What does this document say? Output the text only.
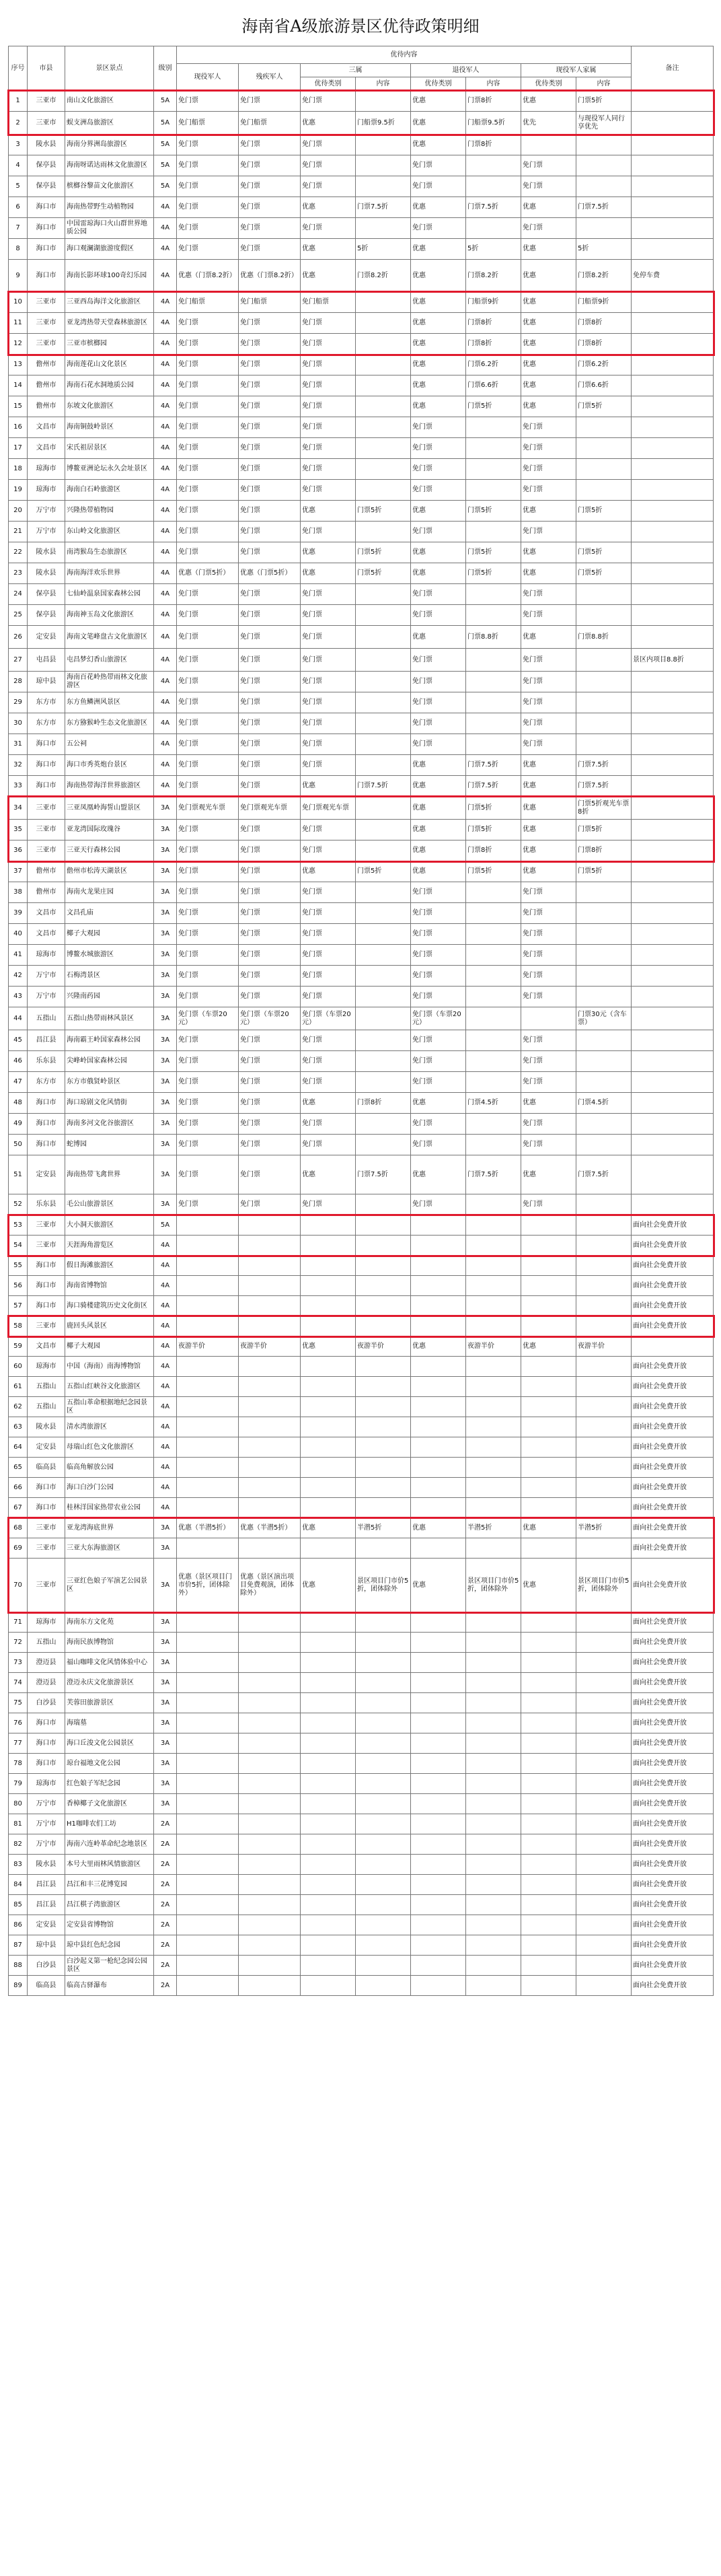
海南省A级旅游景区优待政策明细
序号	市县	景区景点	级别	优待内容								备注
				现役军人	残疾军人	三属		退役军人		现役军人家属		
						优待类别	内容	优待类别	内容	优待类别	内容	
1	三亚市	南山文化旅游区	5A	免门票	免门票	免门票		优惠	门票8折	优惠	门票5折	
2	三亚市	蜈支洲岛旅游区	5A	免门船票	免门船票	优惠	门船票9.5折	优惠	门船票9.5折	优先	与现役军人同行享优先	
3	陵水县	海南分界洲岛旅游区	5A	免门票	免门票	免门票		优惠	门票8折			
4	保亭县	海南呀诺达雨林文化旅游区	5A	免门票	免门票	免门票		免门票		免门票		
5	保亭县	槟榔谷黎苗文化旅游区	5A	免门票	免门票	免门票		免门票		免门票		
6	海口市	海南热带野生动植物园	4A	免门票	免门票	优惠	门票7.5折	优惠	门票7.5折	优惠	门票7.5折	
7	海口市	中国雷琼海口火山群世界地质公园	4A	免门票	免门票	免门票		免门票		免门票		
8	海口市	海口观澜湖旅游度假区	4A	免门票	免门票	优惠	5折	优惠	5折	优惠	5折	
9	海口市	海南长影环球100奇幻乐园	4A	优惠（门票8.2折）	优惠（门票8.2折）	优惠	门票8.2折	优惠	门票8.2折	优惠	门票8.2折	免停车费
10	三亚市	三亚西岛海洋文化旅游区	4A	免门船票	免门船票	免门船票		优惠	门船票9折	优惠	门船票9折	
11	三亚市	亚龙湾热带天堂森林旅游区	4A	免门票	免门票	免门票		优惠	门票8折	优惠	门票8折	
12	三亚市	三亚市槟榔园	4A	免门票	免门票	免门票		优惠	门票8折	优惠	门票8折	
13	儋州市	海南莲花山文化景区	4A	免门票	免门票	免门票		优惠	门票6.2折	优惠	门票6.2折	
14	儋州市	海南石花水洞地质公园	4A	免门票	免门票	免门票		优惠	门票6.6折	优惠	门票6.6折	
15	儋州市	东坡文化旅游区	4A	免门票	免门票	免门票		优惠	门票5折	优惠	门票5折	
16	文昌市	海南铜鼓岭景区	4A	免门票	免门票	免门票		免门票		免门票		
17	文昌市	宋氏祖居景区	4A	免门票	免门票	免门票		免门票		免门票		
18	琼海市	博鳌亚洲论坛永久会址景区	4A	免门票	免门票	免门票		免门票		免门票		
19	琼海市	海南白石岭旅游区	4A	免门票	免门票	免门票		免门票		免门票		
20	万宁市	兴隆热带植物园	4A	免门票	免门票	优惠	门票5折	优惠	门票5折	优惠	门票5折	
21	万宁市	东山岭文化旅游区	4A	免门票	免门票	免门票		免门票		免门票		
22	陵水县	南湾猴岛生态旅游区	4A	免门票	免门票	优惠	门票5折	优惠	门票5折	优惠	门票5折	
23	陵水县	海南海洋欢乐世界	4A	优惠（门票5折）	优惠（门票5折）	优惠	门票5折	优惠	门票5折	优惠	门票5折	
24	保亭县	七仙岭温泉国家森林公园	4A	免门票	免门票	免门票		免门票		免门票		
25	保亭县	海南神玉岛文化旅游区	4A	免门票	免门票	免门票		免门票		免门票		
26	定安县	海南文笔峰盘古文化旅游区	4A	免门票	免门票	免门票		优惠	门票8.8折	优惠	门票8.8折	
27	屯昌县	屯昌梦幻香山旅游区	4A	免门票	免门票	免门票		免门票		免门票		景区内项目8.8折
28	琼中县	海南百花岭热带雨林文化旅游区	4A	免门票	免门票	免门票		免门票		免门票		
29	东方市	东方鱼鳞洲风景区	4A	免门票	免门票	免门票		免门票		免门票		
30	东方市	东方猕猴岭生态文化旅游区	4A	免门票	免门票	免门票		免门票		免门票		
31	海口市	五公祠	4A	免门票	免门票	免门票		免门票		免门票		
32	海口市	海口市秀英炮台景区	4A	免门票	免门票	免门票		优惠	门票7.5折	优惠	门票7.5折	
33	海口市	海南热带海洋世界旅游区	4A	免门票	免门票	优惠	门票7.5折	优惠	门票7.5折	优惠	门票7.5折	
34	三亚市	三亚凤凰岭海誓山盟景区	3A	免门票观光车票	免门票观光车票	免门票观光车票		优惠	门票5折	优惠	门票5折观光车票8折	
35	三亚市	亚龙湾国际玫瑰谷	3A	免门票	免门票	免门票		优惠	门票5折	优惠	门票5折	
36	三亚市	三亚天行森林公园	3A	免门票	免门票	免门票		优惠	门票8折	优惠	门票8折	
37	儋州市	儋州市松涛天湖景区	3A	免门票	免门票	优惠	门票5折	优惠	门票5折	优惠	门票5折	
38	儋州市	海南火龙果庄园	3A	免门票	免门票	免门票		免门票		免门票		
39	文昌市	文昌孔庙	3A	免门票	免门票	免门票		免门票		免门票		
40	文昌市	椰子大观园	3A	免门票	免门票	免门票		免门票		免门票		
41	琼海市	博鳌水城旅游区	3A	免门票	免门票	免门票		免门票		免门票		
42	万宁市	石梅湾景区	3A	免门票	免门票	免门票		免门票		免门票		
43	万宁市	兴隆南药园	3A	免门票	免门票	免门票		免门票		免门票		
44	五指山	五指山热带雨林风景区	3A	免门票（车票20元）	免门票（车票20元）	免门票（车票20元）		免门票（车票20元）			门票30元（含车票）	
45	昌江县	海南霸王岭国家森林公园	3A	免门票	免门票	免门票		免门票		免门票		
46	乐东县	尖峰岭国家森林公园	3A	免门票	免门票	免门票		免门票		免门票		
47	东方市	东方市俄贤岭景区	3A	免门票	免门票	免门票		免门票		免门票		
48	海口市	海口琼剧文化风情街	3A	免门票	免门票	优惠	门票8折	优惠	门票4.5折	优惠	门票4.5折	
49	海口市	海南多河文化谷旅游区	3A	免门票	免门票	免门票		免门票		免门票		
50	海口市	蛇博园	3A	免门票	免门票	免门票		免门票		免门票		
51	定安县	海南热带飞禽世界	3A	免门票	免门票	优惠	门票7.5折	优惠	门票7.5折	优惠	门票7.5折	
52	乐东县	毛公山旅游景区	3A	免门票	免门票	免门票		免门票		免门票		
53	三亚市	大小洞天旅游区	5A									面向社会免费开放
54	三亚市	天涯海角游览区	4A									面向社会免费开放
55	海口市	假日海滩旅游区	4A									面向社会免费开放
56	海口市	海南省博物馆	4A									面向社会免费开放
57	海口市	海口骑楼建筑历史文化街区	4A									面向社会免费开放
58	三亚市	鹿回头风景区	4A									面向社会免费开放
59	文昌市	椰子大观园	4A	夜游半价	夜游半价	优惠	夜游半价	优惠	夜游半价	优惠	夜游半价	
60	琼海市	中国（海南）南海博物馆	4A									面向社会免费开放
61	五指山	五指山红峡谷文化旅游区	4A									面向社会免费开放
62	五指山	五指山革命根据地纪念园景区	4A									面向社会免费开放
63	陵水县	清水湾旅游区	4A									面向社会免费开放
64	定安县	母瑞山红色文化旅游区	4A									面向社会免费开放
65	临高县	临高角解放公园	4A									面向社会免费开放
66	海口市	海口白沙门公园	4A									面向社会免费开放
67	海口市	桂林洋国家热带农业公园	4A									面向社会免费开放
68	三亚市	亚龙湾海底世界	3A	优惠（半潜5折）	优惠（半潜5折）	优惠	半潜5折	优惠	半潜5折	优惠	半潜5折	面向社会免费开放
69	三亚市	三亚大东海旅游区	3A									面向社会免费开放
70	三亚市	三亚红色娘子军演艺公园景区	3A	优惠（景区项目门市价5折，团体除外）	优惠（景区演出项目免费观演，团体除外）	优惠	景区项目门市价5折，团体除外	优惠	景区项目门市价5折，团体除外	优惠	景区项目门市价5折，团体除外	面向社会免费开放
71	琼海市	海南东方文化苑	3A									面向社会免费开放
72	五指山	海南民族博物馆	3A									面向社会免费开放
73	澄迈县	福山咖啡文化风情体验中心	3A									面向社会免费开放
74	澄迈县	澄迈永庆文化旅游景区	3A									面向社会免费开放
75	白沙县	芙蓉田旅游景区	3A									面向社会免费开放
76	海口市	海瑞墓	3A									面向社会免费开放
77	海口市	海口丘浚文化公园景区	3A									面向社会免费开放
78	海口市	琼台福地文化公园	3A									面向社会免费开放
79	琼海市	红色娘子军纪念园	3A									面向社会免费开放
80	万宁市	香樟椰子文化旅游区	3A									面向社会免费开放
81	万宁市	H1咖啡农们工坊	2A									面向社会免费开放
82	万宁市	海南六连岭革命纪念地景区	2A									面向社会免费开放
83	陵水县	本号大里雨林风情旅游区	2A									面向社会免费开放
84	昌江县	昌江和丰三花博览园	2A									面向社会免费开放
85	昌江县	昌江棋子湾旅游区	2A									面向社会免费开放
86	定安县	定安县省博物馆	2A									面向社会免费开放
87	琼中县	琼中县红色纪念园	2A									面向社会免费开放
88	白沙县	白沙起义第一枪纪念园公园景区	2A									面向社会免费开放
89	临高县	临高古驿瀑布	2A									面向社会免费开放
